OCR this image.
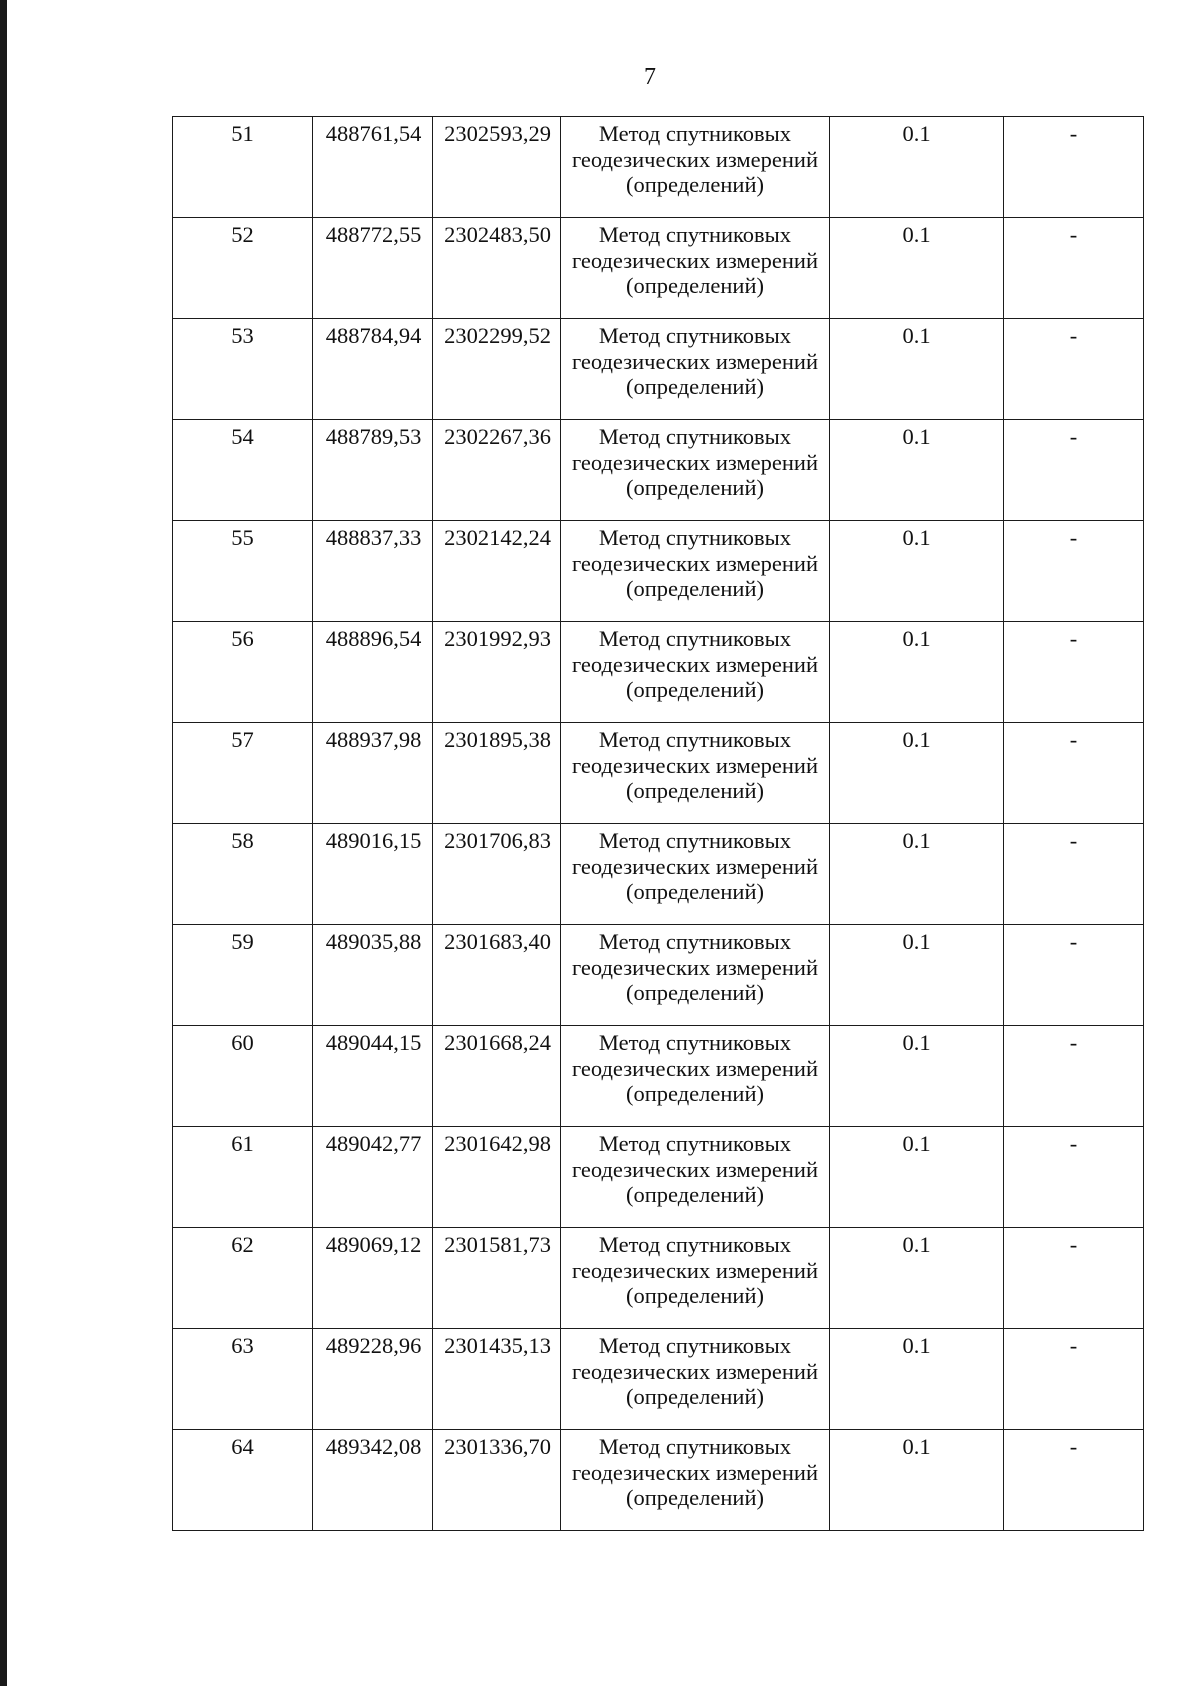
7
51	488761,54	2302593,29	Метод спутниковых геодезических измерений (определений)	0.1	-
52	488772,55	2302483,50	Метод спутниковых геодезических измерений (определений)	0.1	-
53	488784,94	2302299,52	Метод спутниковых геодезических измерений (определений)	0.1	-
54	488789,53	2302267,36	Метод спутниковых геодезических измерений (определений)	0.1	-
55	488837,33	2302142,24	Метод спутниковых геодезических измерений (определений)	0.1	-
56	488896,54	2301992,93	Метод спутниковых геодезических измерений (определений)	0.1	-
57	488937,98	2301895,38	Метод спутниковых геодезических измерений (определений)	0.1	-
58	489016,15	2301706,83	Метод спутниковых геодезических измерений (определений)	0.1	-
59	489035,88	2301683,40	Метод спутниковых геодезических измерений (определений)	0.1	-
60	489044,15	2301668,24	Метод спутниковых геодезических измерений (определений)	0.1	-
61	489042,77	2301642,98	Метод спутниковых геодезических измерений (определений)	0.1	-
62	489069,12	2301581,73	Метод спутниковых геодезических измерений (определений)	0.1	-
63	489228,96	2301435,13	Метод спутниковых геодезических измерений (определений)	0.1	-
64	489342,08	2301336,70	Метод спутниковых геодезических измерений (определений)	0.1	-
